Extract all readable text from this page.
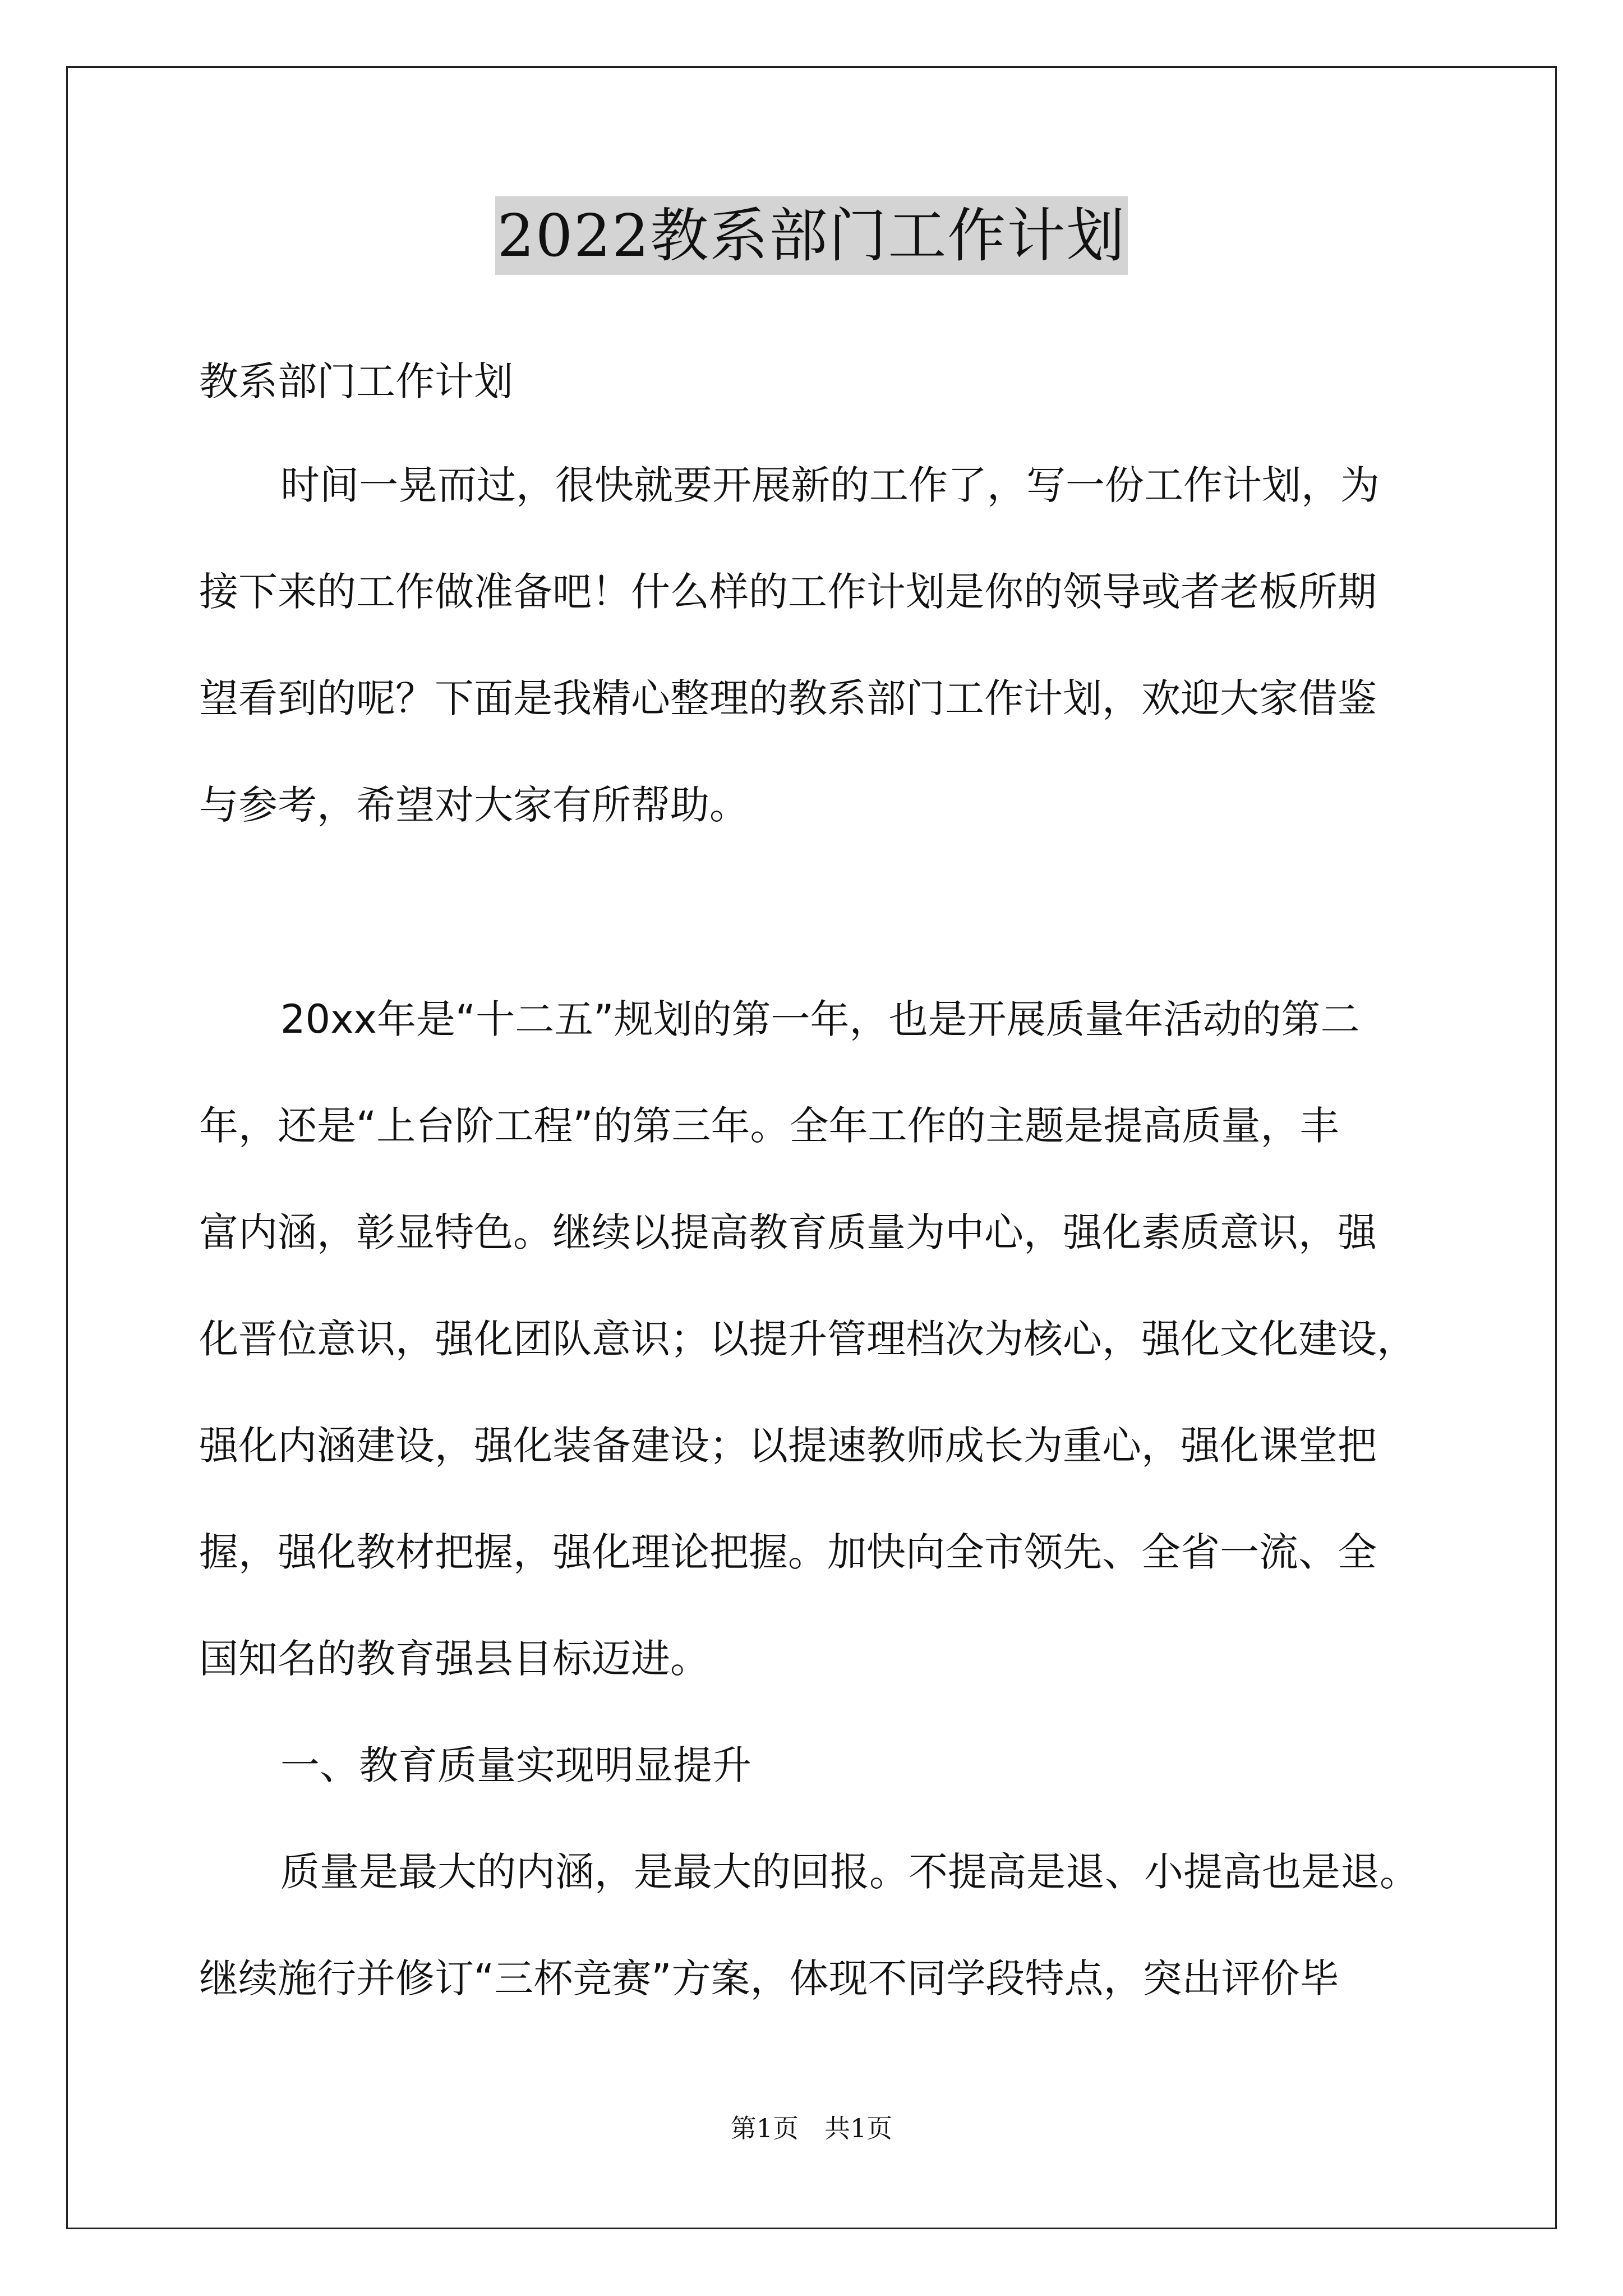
2022教系部门工作计划

教系部门工作计划

时间一晃而过，很快就要开展新的工作了，写一份工作计划，为
接下来的工作做准备吧！什么样的工作计划是你的领导或者老板所期
望看到的呢？下面是我精心整理的教系部门工作计划，欢迎大家借鉴
与参考，希望对大家有所帮助。
20xx年是“十二五”规划的第一年，也是开展质量年活动的第二
年，还是“上台阶工程”的第三年。全年工作的主题是提高质量，丰
富内涵，彰显特色。继续以提高教育质量为中心，强化素质意识，强
化晋位意识，强化团队意识；以提升管理档次为核心，强化文化建设，
强化内涵建设，强化装备建设；以提速教师成长为重心，强化课堂把
握，强化教材把握，强化理论把握。加快向全市领先、全省一流、全
国知名的教育强县目标迈进。
一、教育质量实现明显提升
质量是最大的内涵，是最大的回报。不提高是退、小提高也是退。
继续施行并修订“三杯竞赛”方案，体现不同学段特点，突出评价毕
第1页　共1页
